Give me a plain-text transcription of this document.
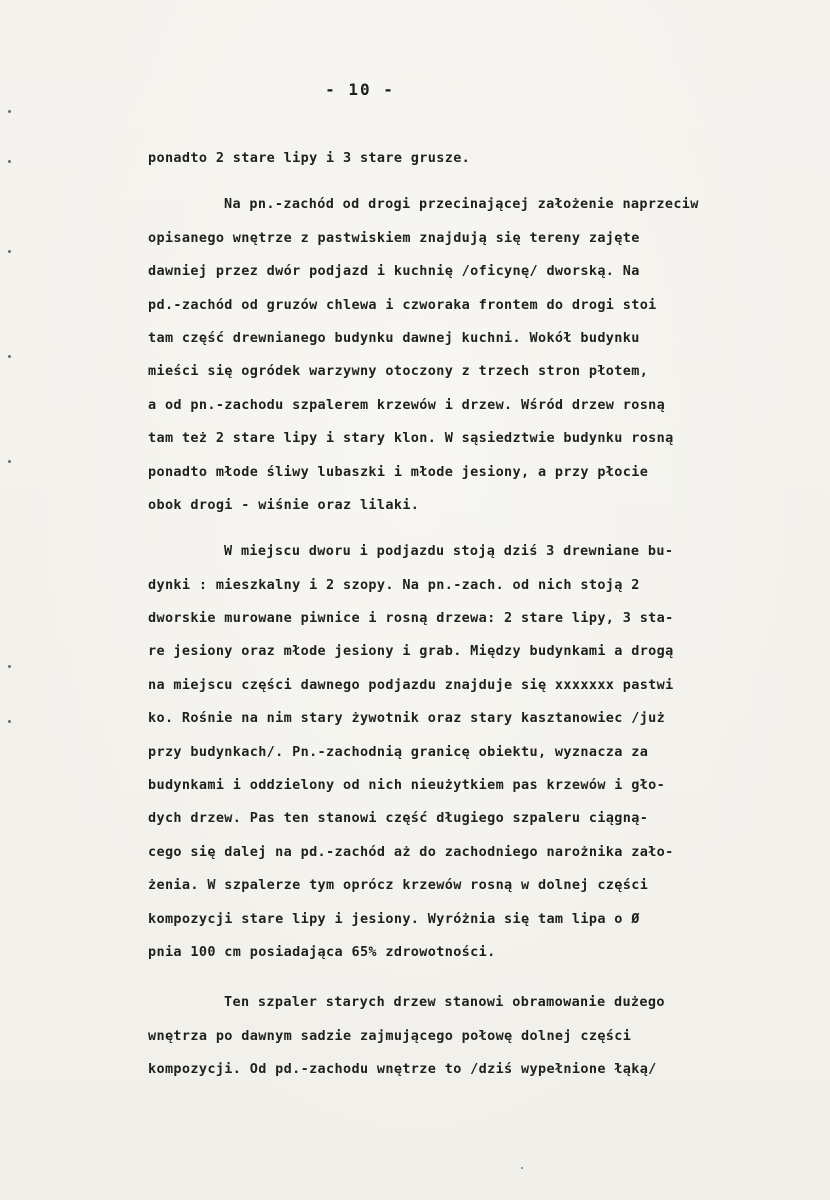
- 10 -
ponadto 2 stare lipy i 3 stare grusze.
Na pn.-zachód od drogi przecinającej założenie naprzeciw
opisanego wnętrze z pastwiskiem znajdują się tereny zajęte
dawniej przez dwór podjazd i kuchnię /oficynę/ dworską. Na
pd.-zachód od gruzów chlewa i czworaka frontem do drogi stoi
tam część drewnianego budynku dawnej kuchni. Wokół budynku
mieści się ogródek warzywny otoczony z trzech stron płotem,
a od pn.-zachodu szpalerem krzewów i drzew. Wśród drzew rosną
tam też 2 stare lipy i stary klon. W sąsiedztwie budynku rosną
ponadto młode śliwy lubaszki i młode jesiony, a przy płocie
obok drogi - wiśnie oraz lilaki.
W miejscu dworu i podjazdu stoją dziś 3 drewniane bu-
dynki : mieszkalny i 2 szopy. Na pn.-zach. od nich stoją 2
dworskie murowane piwnice i rosną drzewa: 2 stare lipy, 3 sta-
re jesiony oraz młode jesiony i grab. Między budynkami a drogą
na miejscu części dawnego podjazdu znajduje się xxxxxxx pastwi
ko. Rośnie na nim stary żywotnik oraz stary kasztanowiec /już
przy budynkach/. Pn.-zachodnią granicę obiektu, wyznacza za
budynkami i oddzielony od nich nieużytkiem pas krzewów i gło-
dych drzew. Pas ten stanowi część długiego szpaleru ciągną-
cego się dalej na pd.-zachód aż do zachodniego narożnika zało-
żenia. W szpalerze tym oprócz krzewów rosną w dolnej części
kompozycji stare lipy i jesiony. Wyróżnia się tam lipa o Ø
pnia 100 cm posiadająca 65% zdrowotności.
Ten szpaler starych drzew stanowi obramowanie dużego
wnętrza po dawnym sadzie zajmującego połowę dolnej części
kompozycji. Od pd.-zachodu wnętrze to /dziś wypełnione łąką/
